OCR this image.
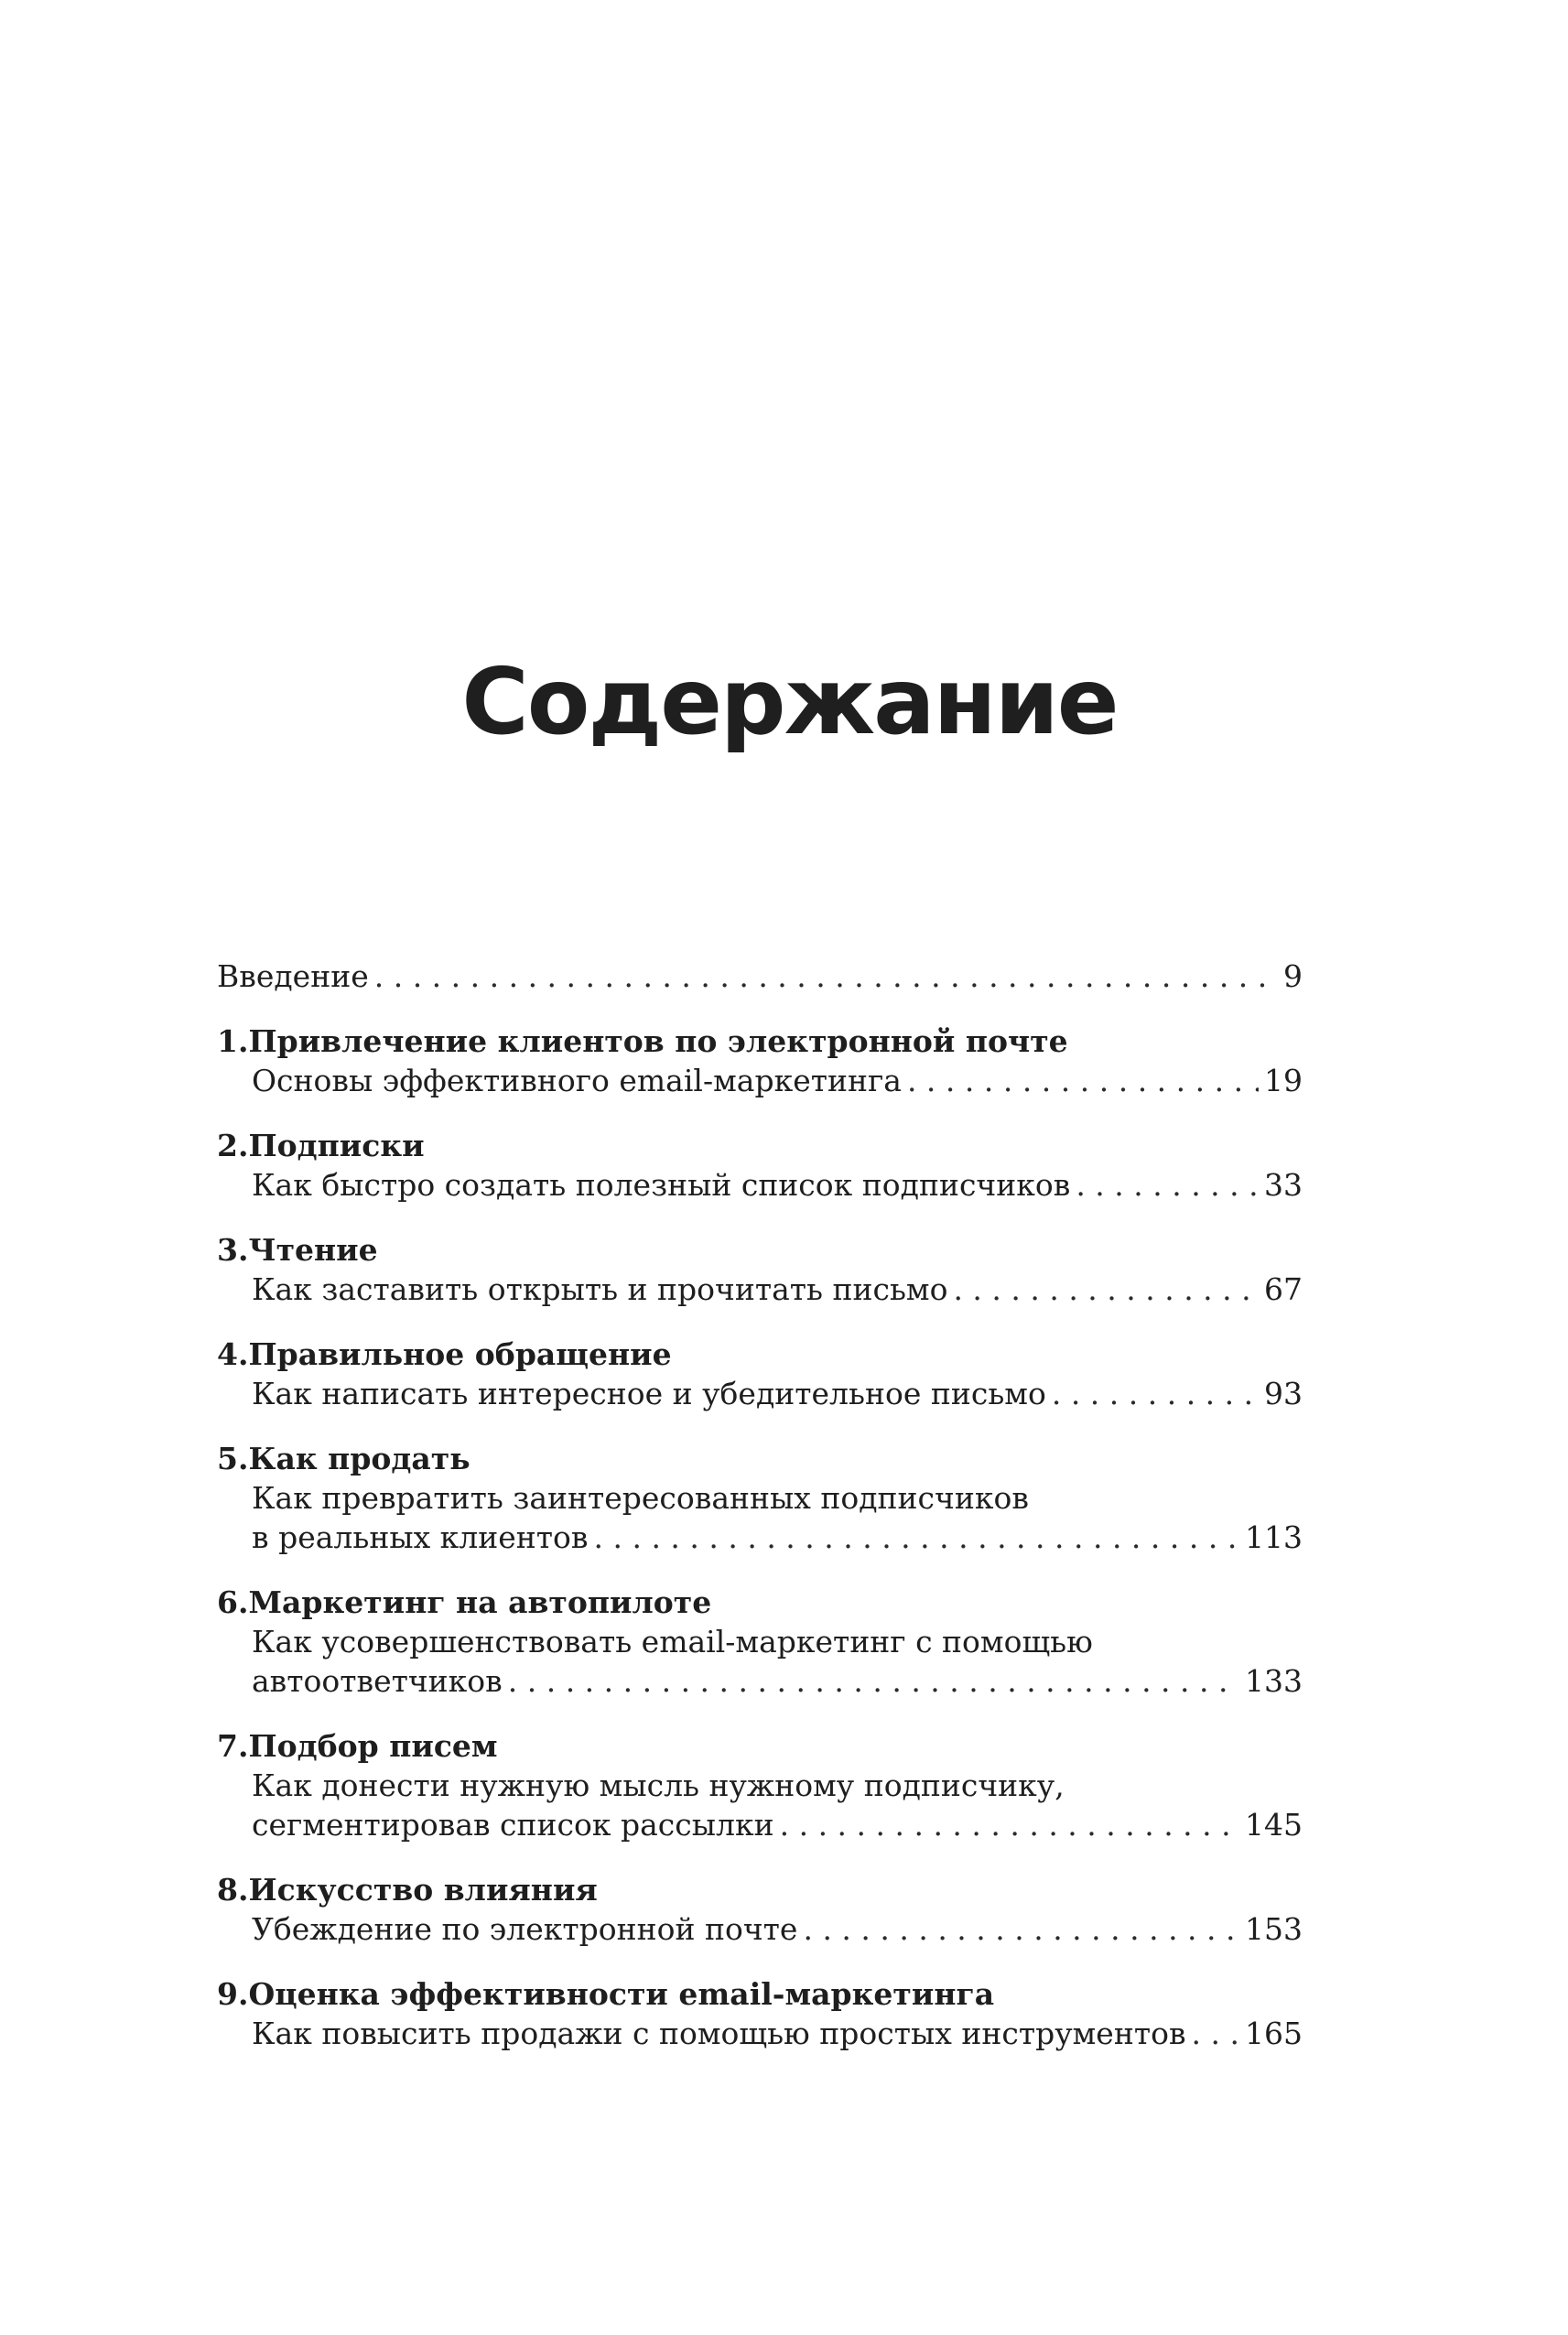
Содержание
Введение . . .	9
1. Привлечение клиентов по электронной почте
Основы эффективного email-маркетинга . . .	19
2. Подписки
Как быстро создать полезный список подписчиков . . .	33
3. Чтение
Как заставить открыть и прочитать письмо . . .	67
4. Правильное обращение
Как написать интересное и убедительное письмо . . .	93
5. Как продать
Как превратить заинтересованных подписчиков
в реальных клиентов . . .	113
6. Маркетинг на автопилоте
Как усовершенствовать email-маркетинг с помощью
автоответчиков . . .	133
7. Подбор писем
Как донести нужную мысль нужному подписчику,
сегментировав список рассылки . . .	145
8. Искусство влияния
Убеждение по электронной почте . . .	153
9. Оценка эффективности email-маркетинга
Как повысить продажи с помощью простых инструментов . . . 165
